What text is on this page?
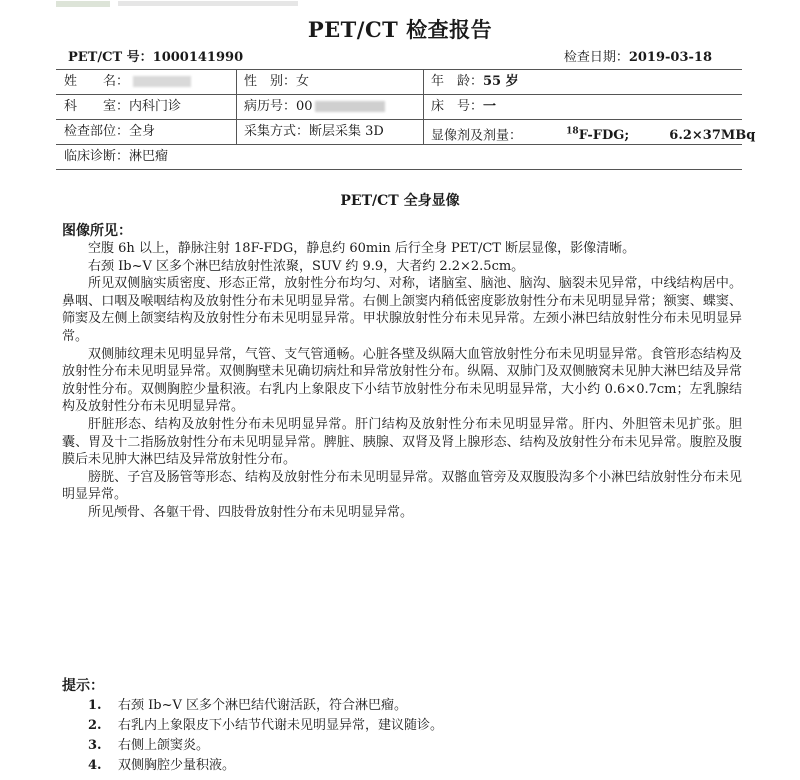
PET/CT 检查报告
PET/CT 号：1000141990	检查日期：2019-03-18
姓　　名：	性　别：女	年　龄：55 岁
科　　室：内科门诊	病历号：00	床　号：一
检查部位：全身	采集方式：断层采集 3D	显像剂及剂量：	$^{18}$F-FDG;	6.2×37MBq
临床诊断：淋巴瘤
PET/CT 全身显像
图像所见：

空腹 6h 以上，静脉注射 18F-FDG，静息约 60min 后行全身 PET/CT 断层显像，影像清晰。

右颈 Ib~V 区多个淋巴结放射性浓聚，SUV 约 9.9，大者约 2.2×2.5cm。

所见双侧脑实质密度、形态正常，放射性分布均匀、对称，诸脑室、脑池、脑沟、脑裂未见异常，中线结构居中。鼻咽、口咽及喉咽结构及放射性分布未见明显异常。右侧上颌窦内稍低密度影放射性分布未见明显异常；额窦、蝶窦、筛窦及左侧上颌窦结构及放射性分布未见明显异常。甲状腺放射性分布未见异常。左颈小淋巴结放射性分布未见明显异常。

双侧肺纹理未见明显异常，气管、支气管通畅。心脏各壁及纵隔大血管放射性分布未见明显异常。食管形态结构及放射性分布未见明显异常。双侧胸壁未见确切病灶和异常放射性分布。纵隔、双肺门及双侧腋窝未见肿大淋巴结及异常放射性分布。双侧胸腔少量积液。右乳内上象限皮下小结节放射性分布未见明显异常，大小约 0.6×0.7cm；左乳腺结构及放射性分布未见明显异常。

肝脏形态、结构及放射性分布未见明显异常。肝门结构及放射性分布未见明显异常。肝内、外胆管未见扩张。胆囊、胃及十二指肠放射性分布未见明显异常。脾脏、胰腺、双肾及肾上腺形态、结构及放射性分布未见异常。腹腔及腹膜后未见肿大淋巴结及异常放射性分布。

膀胱、子宫及肠管等形态、结构及放射性分布未见明显异常。双髂血管旁及双腹股沟多个小淋巴结放射性分布未见明显异常。

所见颅骨、各躯干骨、四肢骨放射性分布未见明显异常。

提示：
1. 右颈 Ib~V 区多个淋巴结代谢活跃，符合淋巴瘤。
2. 右乳内上象限皮下小结节代谢未见明显异常，建议随诊。
3. 右侧上颌窦炎。
4. 双侧胸腔少量积液。
